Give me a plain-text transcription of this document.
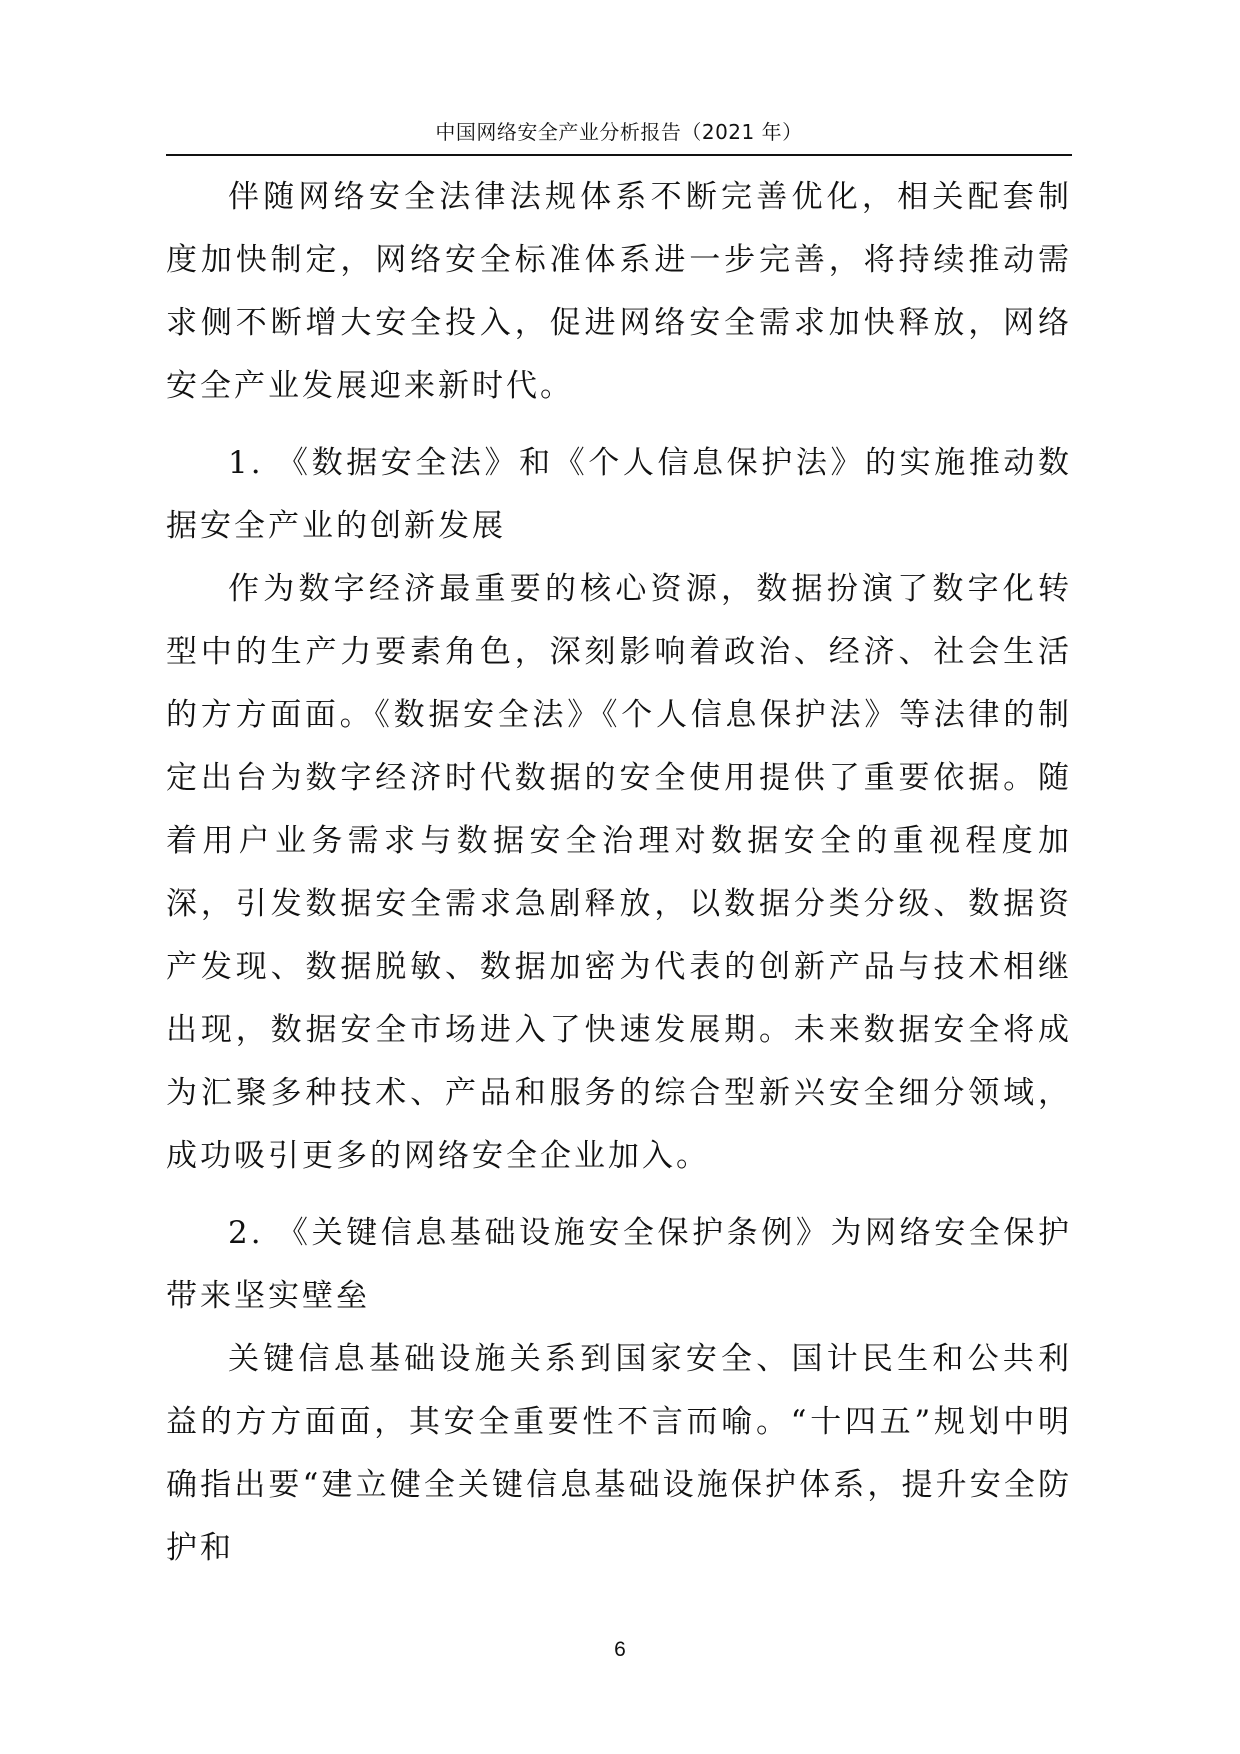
中国网络安全产业分析报告（2021 年）

伴随网络安全法律法规体系不断完善优化，相关配套制度加快制定，网络安全标准体系进一步完善，将持续推动需求侧不断增大安全投入，促进网络安全需求加快释放，网络安全产业发展迎来新时代。

1. 《数据安全法》和《个人信息保护法》的实施推动数据安全产业的创新发展

作为数字经济最重要的核心资源，数据扮演了数字化转型中的生产力要素角色，深刻影响着政治、经济、社会生活的方方面面。《数据安全法》《个人信息保护法》等法律的制定出台为数字经济时代数据的安全使用提供了重要依据。随着用户业务需求与数据安全治理对数据安全的重视程度加深，引发数据安全需求急剧释放，以数据分类分级、数据资产发现、数据脱敏、数据加密为代表的创新产品与技术相继出现，数据安全市场进入了快速发展期。未来数据安全将成为汇聚多种技术、产品和服务的综合型新兴安全细分领域，成功吸引更多的网络安全企业加入。

2. 《关键信息基础设施安全保护条例》为网络安全保护带来坚实壁垒

关键信息基础设施关系到国家安全、国计民生和公共利益的方方面面，其安全重要性不言而喻。“十四五”规划中明确指出要“建立健全关键信息基础设施保护体系，提升安全防护和

6
